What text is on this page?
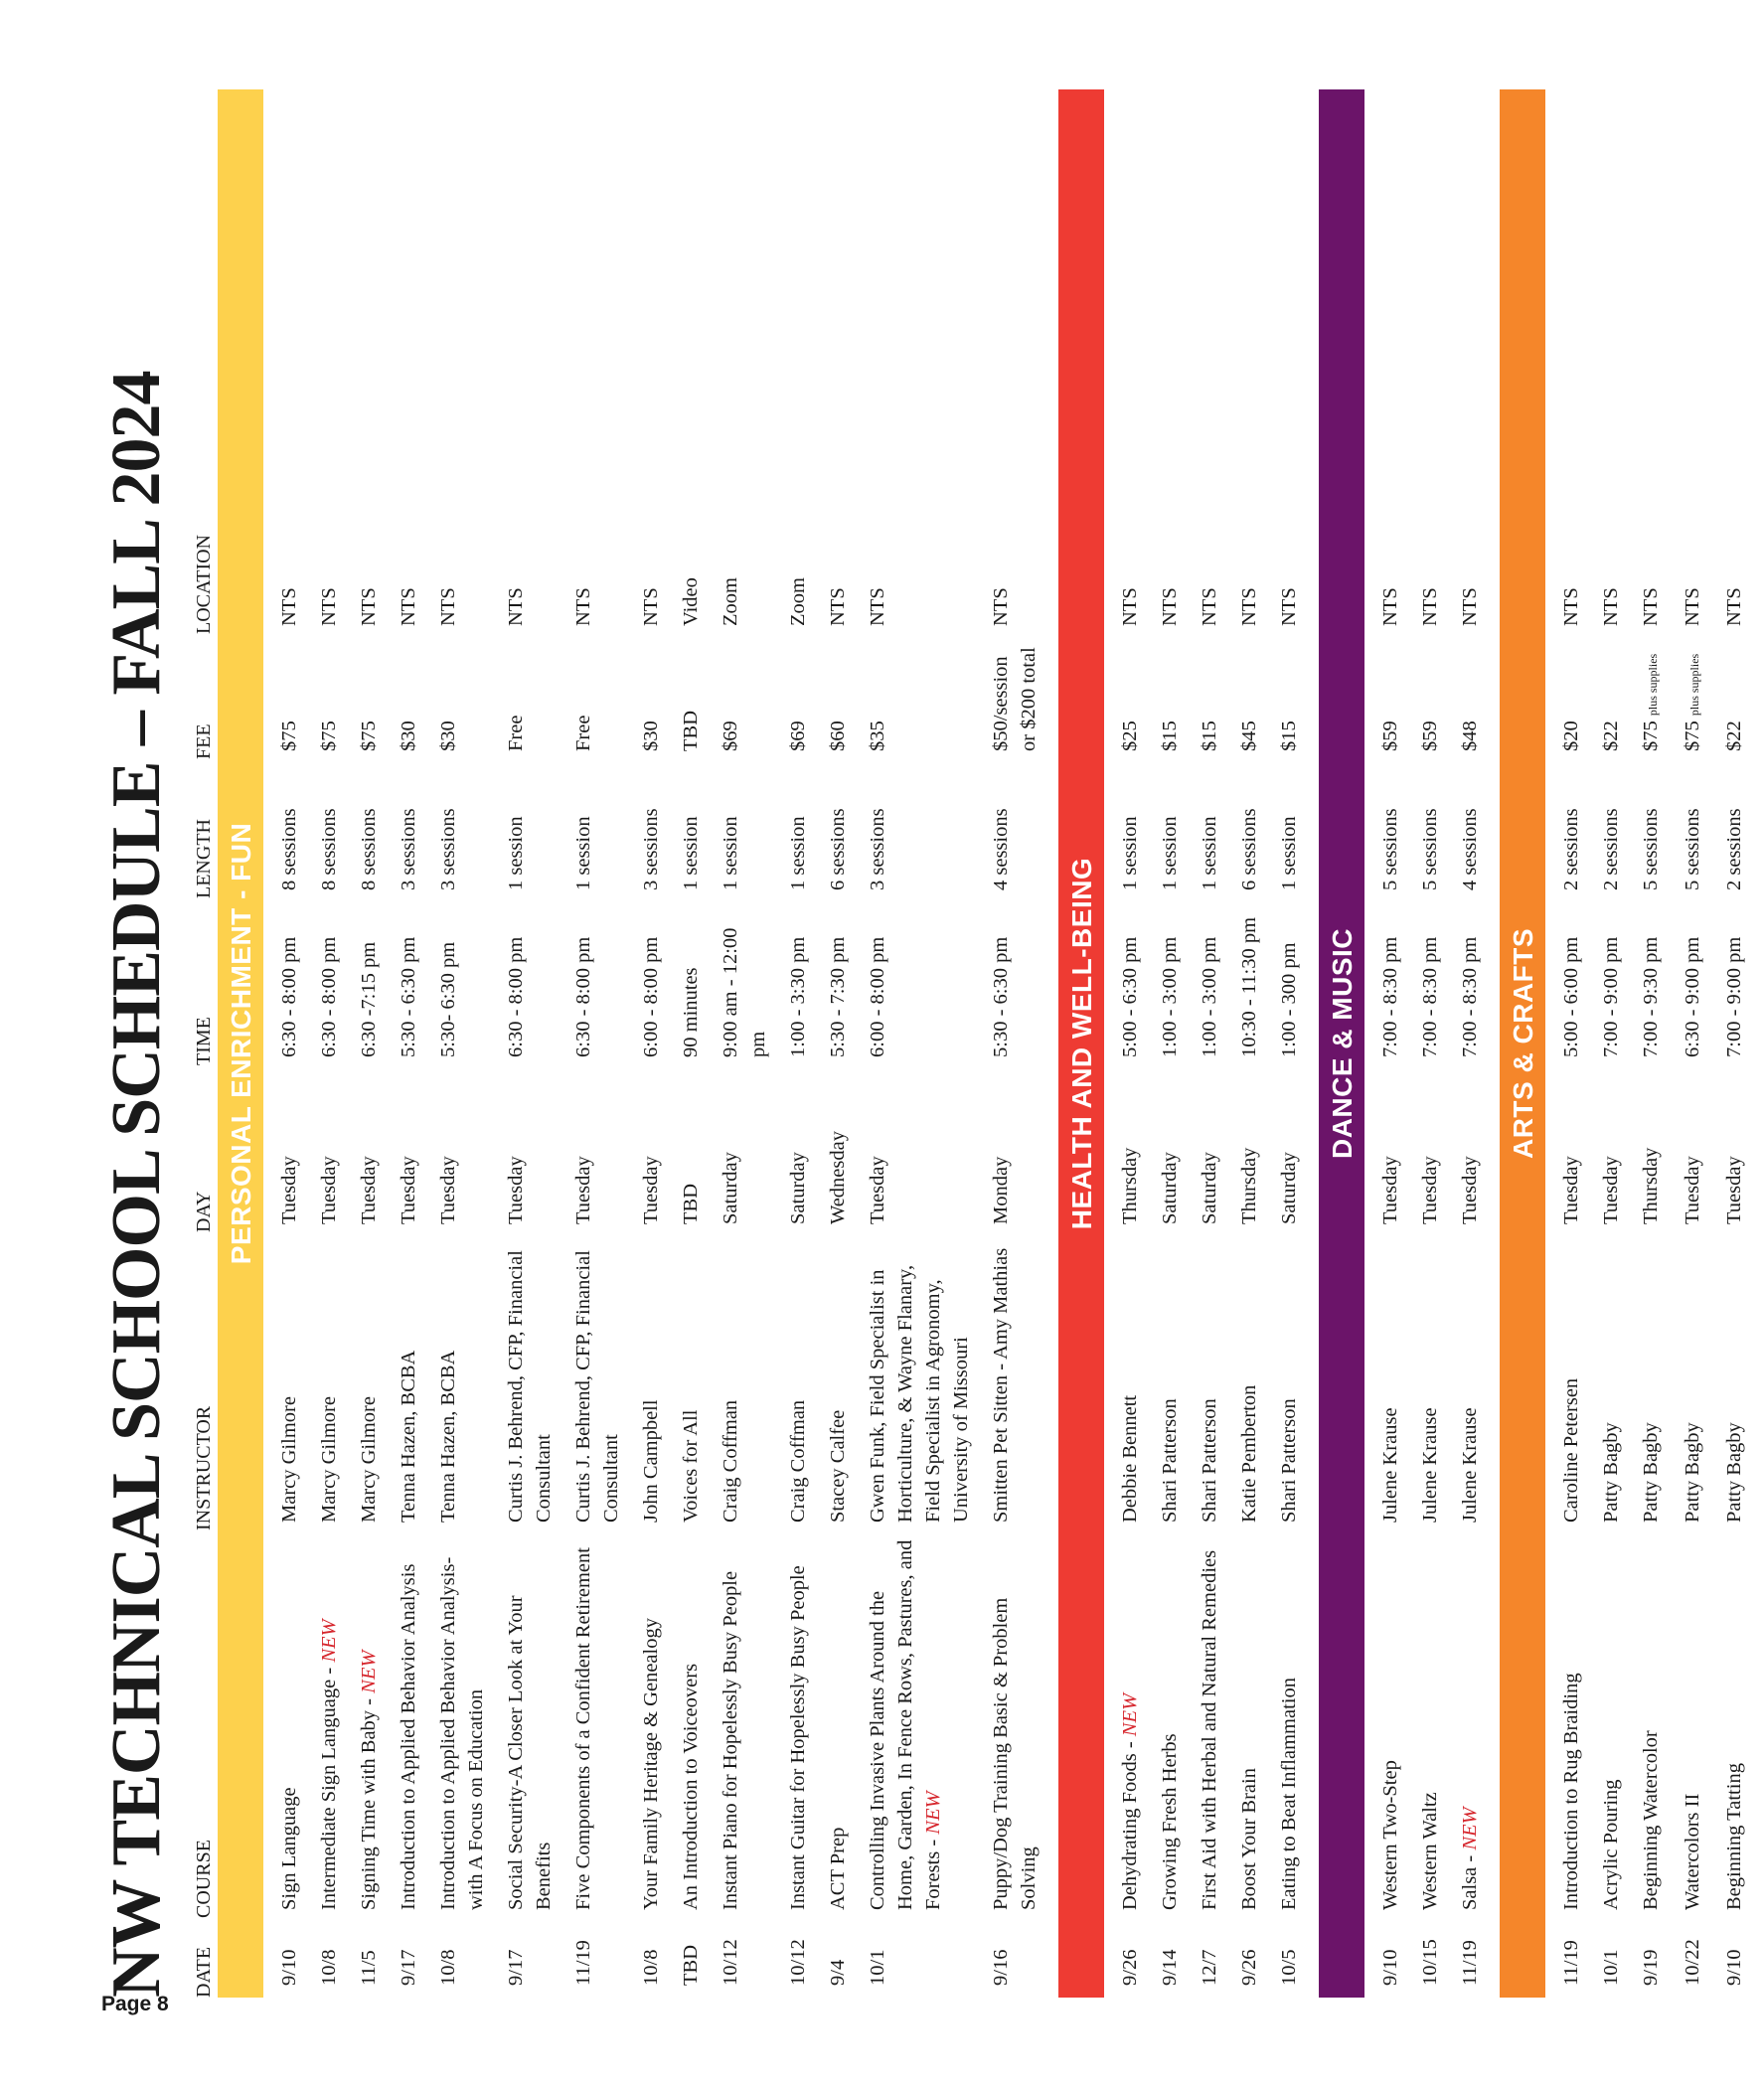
Page 8
NW TECHNICAL SCHOOL SCHEDULE – FALL 2024 DATE
COURSE
INSTRUCTOR
DAY
TIME
LENGTH
FEE
LOCATION
PERSONAL ENRICHMENT - FUN
9/10
Sign Language
Marcy Gilmore
Tuesday
6:30 - 8:00 pm
8 sessions
$75
NTS
10/8
Intermediate Sign Language - NEW
Marcy Gilmore
Tuesday
6:30 - 8:00 pm
8 sessions
$75
NTS
11/5
Signing Time with Baby - NEW
Marcy Gilmore
Tuesday
6:30 -7:15 pm
8 sessions
$75
NTS
9/17
Introduction to Applied Behavior Analysis
Tenna Hazen, BCBA
Tuesday
5:30 - 6:30 pm
3 sessions
$30
NTS
10/8
Introduction to Applied Behavior Analysis-with A Focus on Education
Tenna Hazen, BCBA
Tuesday
5:30- 6:30 pm
3 sessions
$30
NTS
9/17
Social Security-A Closer Look at Your Benefits
Curtis J. Behrend, CFP, Financial Consultant
Tuesday
6:30 - 8:00 pm
1 session
Free
NTS
11/19
Five Components of a Confident Retirement
Curtis J. Behrend, CFP, Financial Consultant
Tuesday
6:30 - 8:00 pm
1 session
Free
NTS
10/8
Your Family Heritage & Genealogy
John Campbell
Tuesday
6:00 - 8:00 pm
3 sessions
$30
NTS
TBD
An Introduction to Voiceovers
Voices for All
TBD
90 minutes
1 session
TBD
Video
10/12
Instant Piano for Hopelessly Busy People
Craig Coffman
Saturday
9:00 am - 12:00 pm
1 session
$69
Zoom
10/12
Instant Guitar for Hopelessly Busy People
Craig Coffman
Saturday
1:00 - 3:30 pm
1 session
$69
Zoom
9/4
ACT Prep
Stacey Calfee
Wednesday
5:30 - 7:30 pm
6 sessions
$60
NTS
10/1
Controlling Invasive Plants Around the Home, Garden, In Fence Rows, Pastures, and Forests - NEW
Gwen Funk, Field Specialist in Horticulture, & Wayne Flanary, Field Specialist in Agronomy, University of Missouri
Tuesday
6:00 - 8:00 pm
3 sessions
$35
NTS
9/16
Puppy/Dog Training Basic & Problem Solving
Smitten Pet Sitten - Amy Mathias
Monday
5:30 - 6:30 pm
4 sessions
$50/session or $200 total
NTS
HEALTH AND WELL-BEING
9/26
Dehydrating Foods - NEW
Debbie Bennett
Thursday
5:00 - 6:30 pm
1 session
$25
NTS
9/14
Growing Fresh Herbs
Shari Patterson
Saturday
1:00 - 3:00 pm
1 session
$15
NTS
12/7
First Aid with Herbal and Natural Remedies
Shari Patterson
Saturday
1:00 - 3:00 pm
1 session
$15
NTS
9/26
Boost Your Brain
Katie Pemberton
Thursday
10:30 - 11:30 pm
6 sessions
$45
NTS
10/5
Eating to Beat Inflammation
Shari Patterson
Saturday
1:00 - 300 pm
1 session
$15
NTS
DANCE & MUSIC
9/10
Western Two-Step
Julene Krause
Tuesday
7:00 - 8:30 pm
5 sessions
$59
NTS
10/15
Western Waltz
Julene Krause
Tuesday
7:00 - 8:30 pm
5 sessions
$59
NTS
11/19
Salsa - NEW
Julene Krause
Tuesday
7:00 - 8:30 pm
4 sessions
$48
NTS
ARTS & CRAFTS
11/19
Introduction to Rug Braiding
Caroline Petersen
Tuesday
5:00 - 6:00 pm
2 sessions
$20
NTS
10/1
Acrylic Pouring
Patty Bagby
Tuesday
7:00 - 9:00 pm
2 sessions
$22
NTS
9/19
Beginning Watercolor
Patty Bagby
Thursday
7:00 - 9:30 pm
5 sessions
$75 plus supplies
NTS
10/22
Watercolors II
Patty Bagby
Tuesday
6:30 - 9:00 pm
5 sessions
$75 plus supplies
NTS
9/10
Beginning Tatting
Patty Bagby
Tuesday
7:00 - 9:00 pm
2 sessions
$22
NTS
